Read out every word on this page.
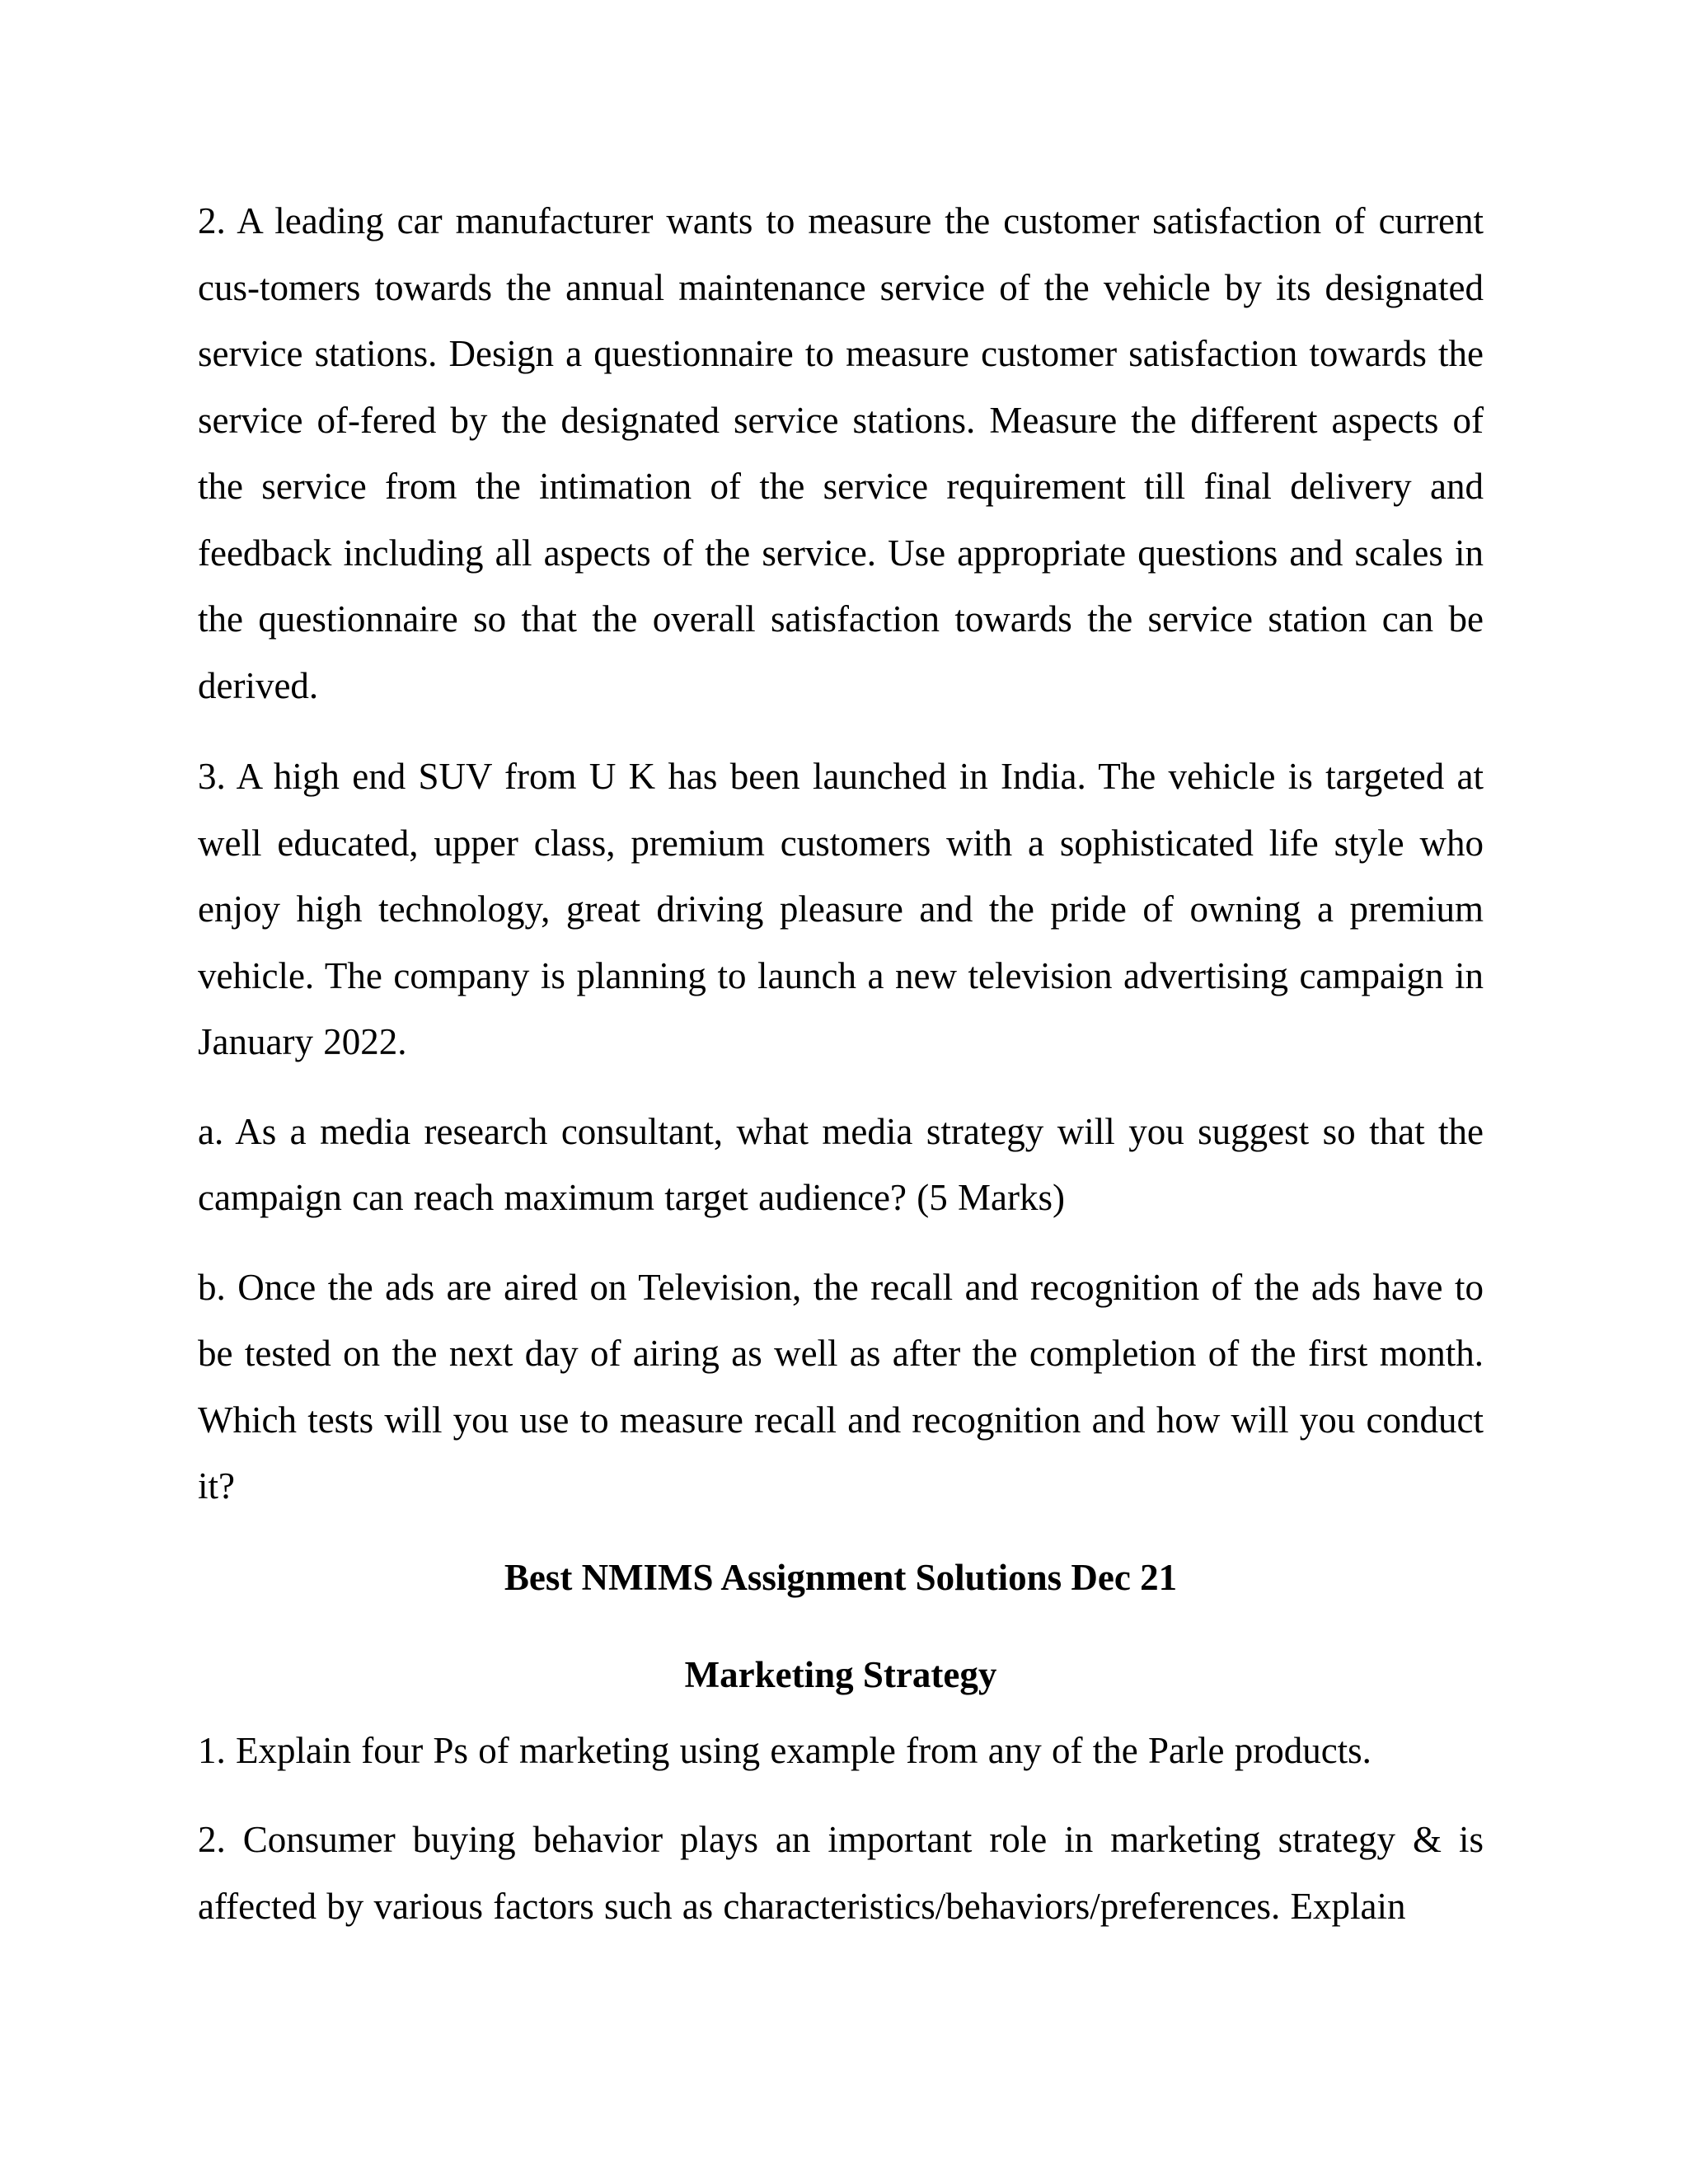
2. A leading car manufacturer wants to measure the customer satisfaction of current cus-tomers towards the annual maintenance service of the vehicle by its designated service stations. Design a questionnaire to measure customer satisfaction towards the service of-fered by the designated service stations. Measure the different aspects of the service from the intimation of the service requirement till final delivery and feedback including all aspects of the service. Use appropriate questions and scales in the questionnaire so that the overall satisfaction towards the service station can be derived.

3. A high end SUV from U K has been launched in India. The vehicle is targeted at well educated, upper class, premium customers with a sophisticated life style who enjoy high technology, great driving pleasure and the pride of owning a premium vehicle. The company is planning to launch a new television advertising campaign in January 2022.

a. As a media research consultant, what media strategy will you suggest so that the campaign can reach maximum target audience? (5 Marks)

b. Once the ads are aired on Television, the recall and recognition of the ads have to be tested on the next day of airing as well as after the completion of the first month. Which tests will you use to measure recall and recognition and how will you conduct it?

Best NMIMS Assignment Solutions Dec 21

Marketing Strategy

1. Explain four Ps of marketing using example from any of the Parle products.

2. Consumer buying behavior plays an important role in marketing strategy & is affected by various factors such as characteristics/behaviors/preferences. Explain
